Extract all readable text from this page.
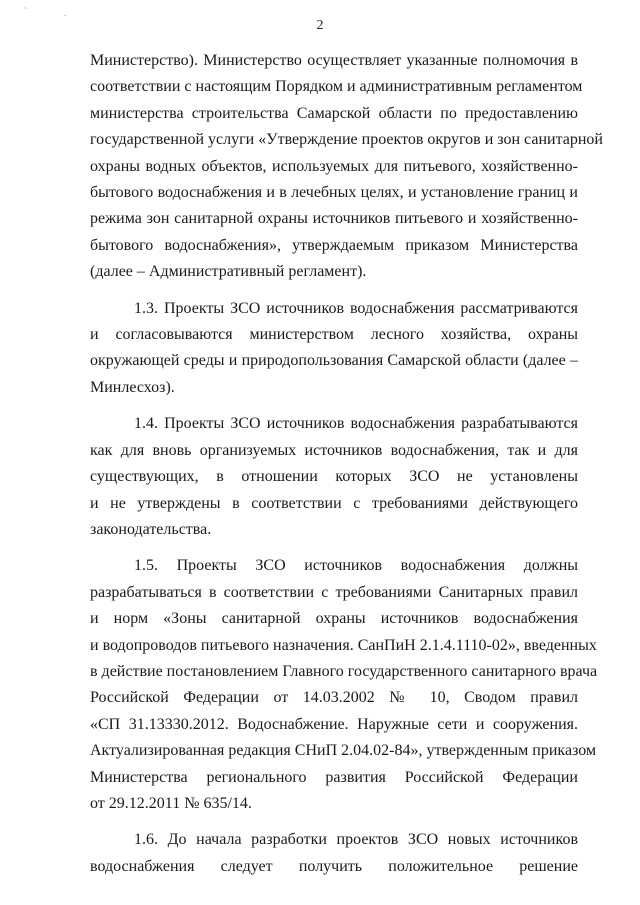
`	.
2
Министерство). Министерство осуществляет указанные полномочия в
соответствии с настоящим Порядком и административным регламентом
министерства строительства Самарской области по предоставлению
государственной услуги «Утверждение проектов округов и зон санитарной
охраны водных объектов, используемых для питьевого, хозяйственно-
бытового водоснабжения и в лечебных целях, и установление границ и
режима зон санитарной охраны источников питьевого и хозяйственно-
бытового водоснабжения», утверждаемым приказом Министерства
(далее – Административный регламент).
1.3. Проекты ЗСО источников водоснабжения рассматриваются
и согласовываются министерством лесного хозяйства, охраны
окружающей среды и природопользования Самарской области (далее –
Минлесхоз).
1.4. Проекты ЗСО источников водоснабжения разрабатываются
как для вновь организуемых источников водоснабжения, так и для
существующих, в отношении которых ЗСО не установлены
и не утверждены в соответствии с требованиями действующего
законодательства.
1.5. Проекты ЗСО источников водоснабжения должны
разрабатываться в соответствии с требованиями Санитарных правил
и норм «Зоны санитарной охраны источников водоснабжения
и водопроводов питьевого назначения. СанПиН 2.1.4.1110-02», введенных
в действие постановлением Главного государственного санитарного врача
Российской Федерации от 14.03.2002 № 10, Сводом правил
«СП 31.13330.2012. Водоснабжение. Наружные сети и сооружения.
Актуализированная редакция СНиП 2.04.02-84», утвержденным приказом
Министерства регионального развития Российской Федерации
от 29.12.2011 № 635/14.
1.6. До начала разработки проектов ЗСО новых источников
водоснабжения следует получить положительное решение
